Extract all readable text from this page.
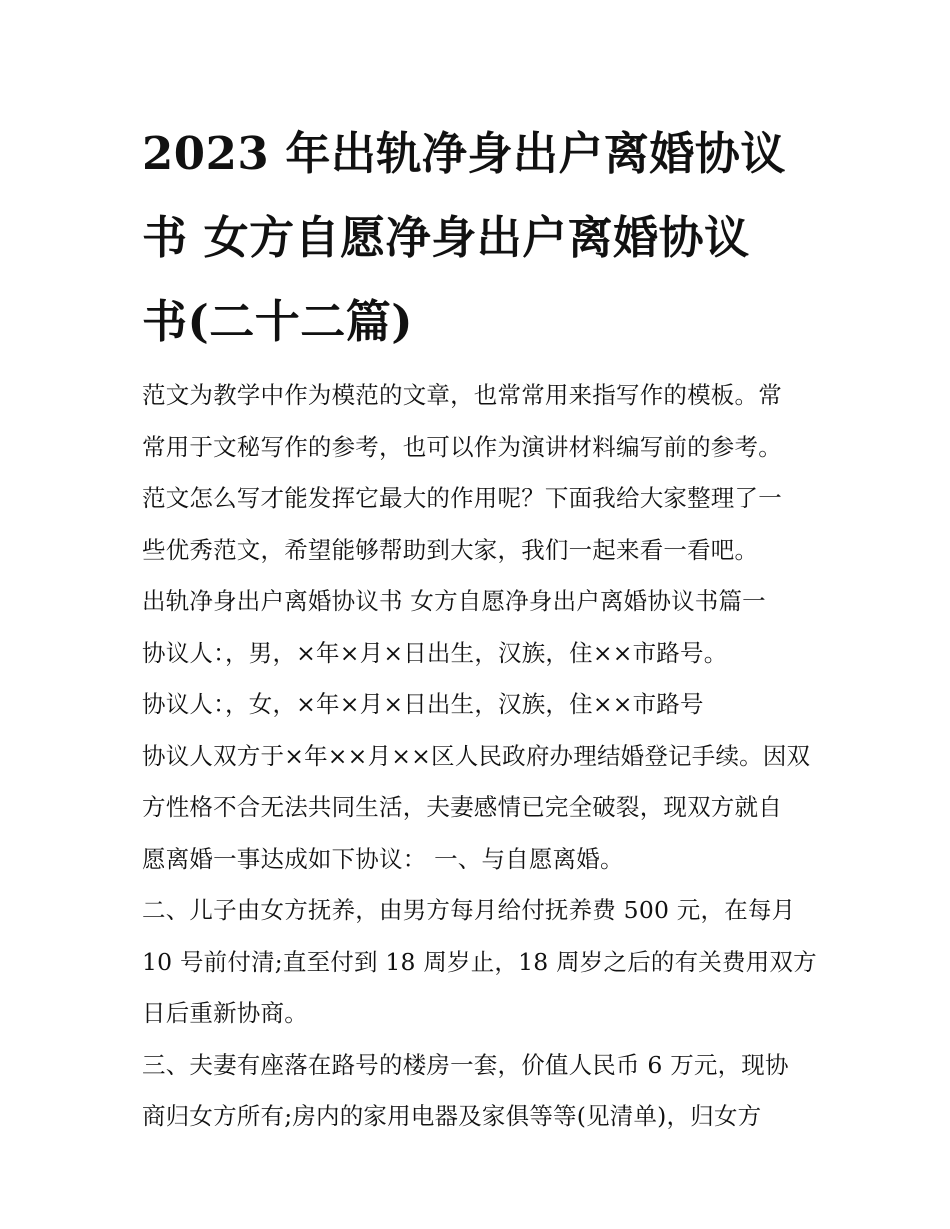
2023 年出轨净身出户离婚协议
书 女方自愿净身出户离婚协议
书(二十二篇)

范文为教学中作为模范的文章，也常常用来指写作的模板。常

常用于文秘写作的参考，也可以作为演讲材料编写前的参考。

范文怎么写才能发挥它最大的作用呢？下面我给大家整理了一

些优秀范文，希望能够帮助到大家，我们一起来看一看吧。

出轨净身出户离婚协议书 女方自愿净身出户离婚协议书篇一

协议人：，男，×年×月×日出生，汉族，住××市路号。

协议人：，女，×年×月×日出生，汉族，住××市路号

协议人双方于×年××月××区人民政府办理结婚登记手续。因双

方性格不合无法共同生活，夫妻感情已完全破裂，现双方就自

愿离婚一事达成如下协议： 一、与自愿离婚。

二、儿子由女方抚养，由男方每月给付抚养费 500 元，在每月

10 号前付清;直至付到 18 周岁止，18 周岁之后的有关费用双方

日后重新协商。

三、夫妻有座落在路号的楼房一套，价值人民币 6 万元，现协

商归女方所有;房内的家用电器及家俱等等(见清单)，归女方
